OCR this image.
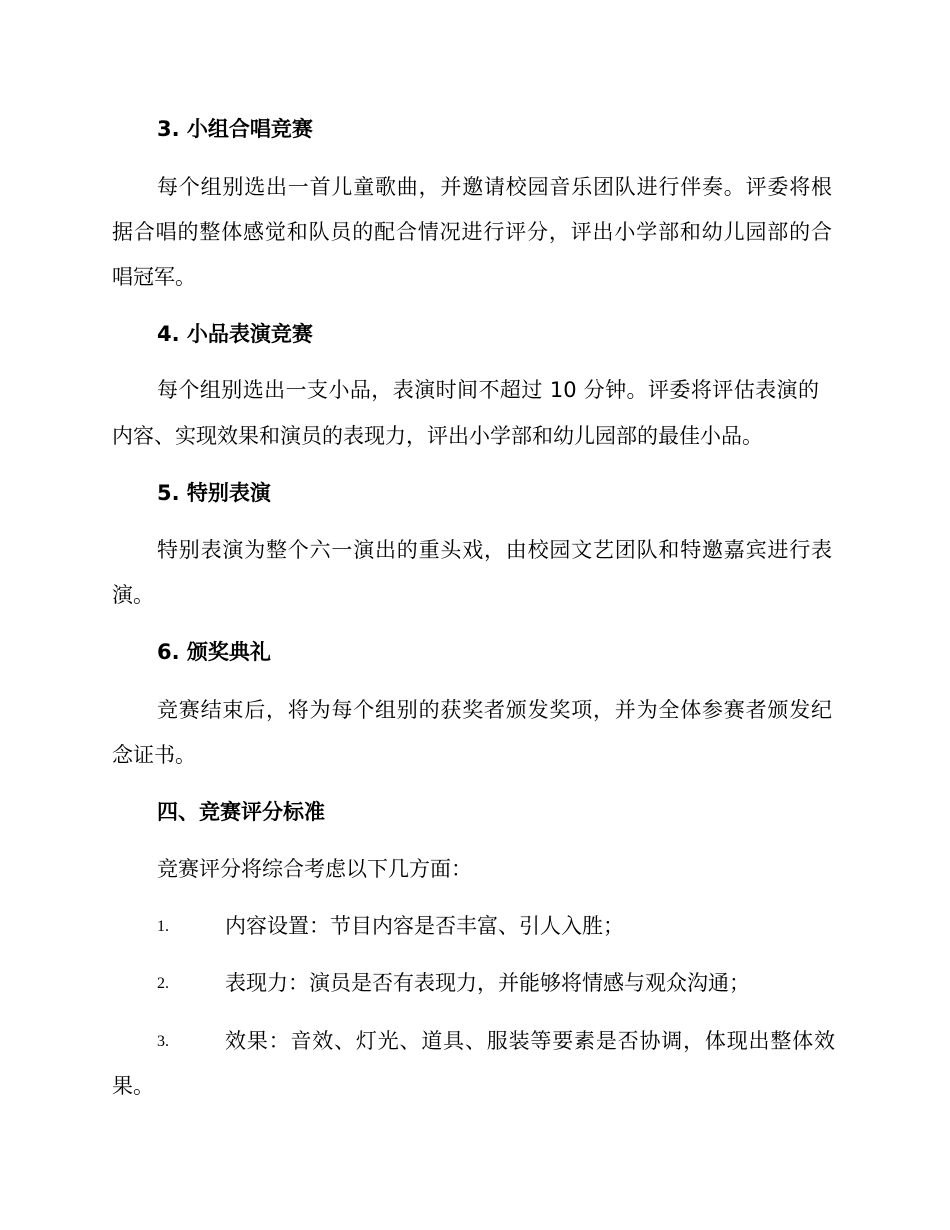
3. 小组合唱竞赛
每个组别选出一首儿童歌曲，并邀请校园音乐团队进行伴奏。评委将根
据合唱的整体感觉和队员的配合情况进行评分，评出小学部和幼儿园部的合
唱冠军。
4. 小品表演竞赛
每个组别选出一支小品，表演时间不超过 10 分钟。评委将评估表演的
内容、实现效果和演员的表现力，评出小学部和幼儿园部的最佳小品。
5. 特别表演
特别表演为整个六一演出的重头戏，由校园文艺团队和特邀嘉宾进行表
演。
6. 颁奖典礼
竞赛结束后，将为每个组别的获奖者颁发奖项，并为全体参赛者颁发纪
念证书。
四、竞赛评分标准
竞赛评分将综合考虑以下几方面：
1.	内容设置：节目内容是否丰富、引人入胜；
2.	表现力：演员是否有表现力，并能够将情感与观众沟通；
3.	效果：音效、灯光、道具、服装等要素是否协调，体现出整体效
果。
